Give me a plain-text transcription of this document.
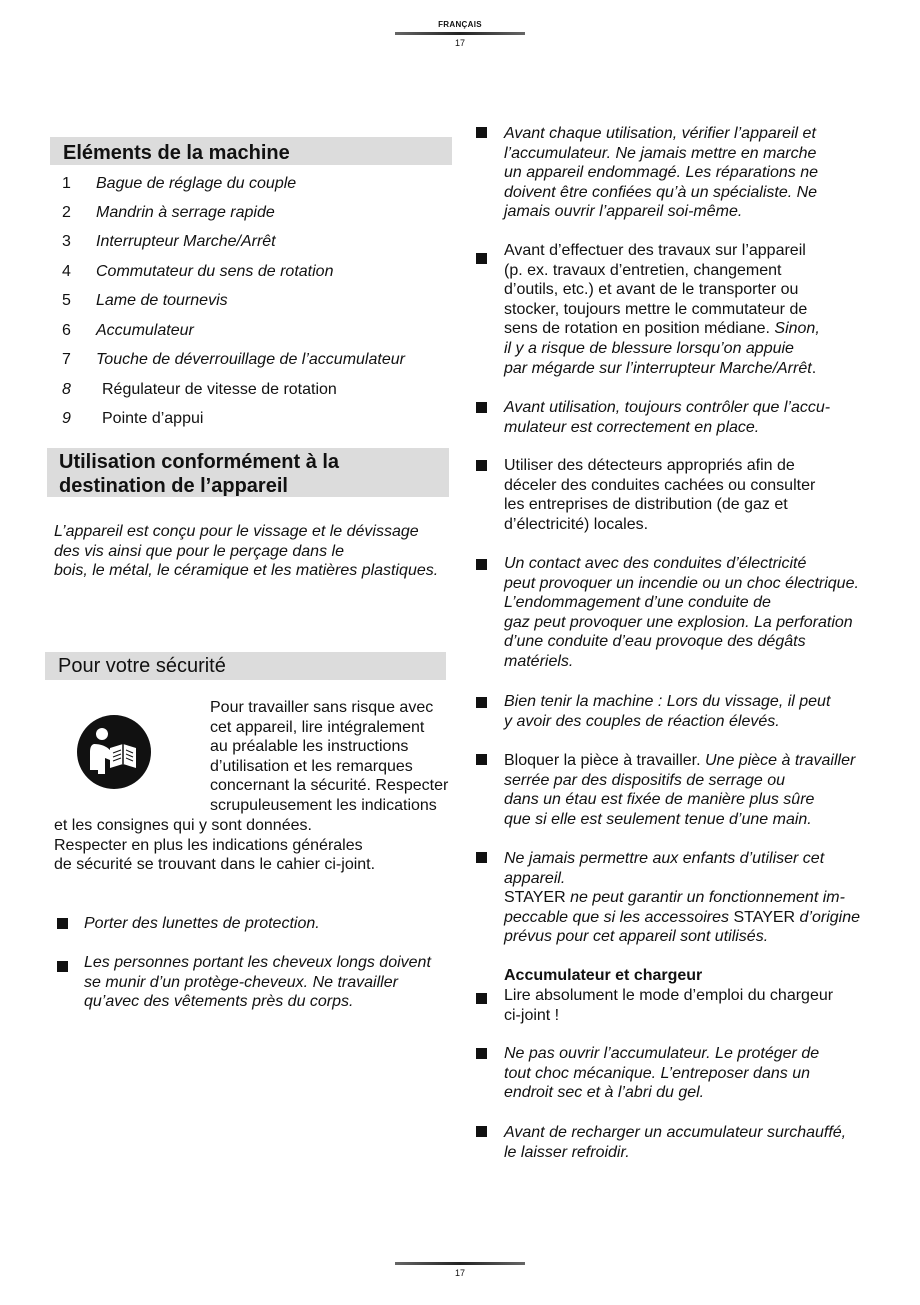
FRANÇAIS
17
Eléments de la machine
1 Bague de réglage du couple
2 Mandrin à serrage rapide
3 Interrupteur Marche/Arrêt
4 Commutateur du sens de rotation
5 Lame de tournevis
6 Accumulateur
7 Touche de déverrouillage de l’accumulateur
8 Régulateur de vitesse de rotation
9 Pointe d’appui
Utilisation conformément à la
destination de l’appareil
L’appareil est conçu pour le vissage et le dévissage
des vis ainsi que pour le perçage dans le
bois, le métal, le céramique et les matières plastiques.
Pour votre sécurité
Pour travailler sans risque avec
cet appareil, lire intégralement
au préalable les instructions
d’utilisation et les remarques
concernant la sécurité. Respecter
scrupuleusement les indications
et les consignes qui y sont données.
Respecter en plus les indications générales
de sécurité se trouvant dans le cahier ci-joint.
Porter des lunettes de protection.
Les personnes portant les cheveux longs doivent
se munir d’un protège-cheveux. Ne travailler
qu’avec des vêtements près du corps.
Avant chaque utilisation, vérifier l’appareil et
l’accumulateur. Ne jamais mettre en marche
un appareil endommagé. Les réparations ne
doivent être confiées qu’à un spécialiste. Ne
jamais ouvrir l’appareil soi-même.
Avant d’effectuer des travaux sur l’appareil
(p. ex. travaux d’entretien, changement
d’outils, etc.) et avant de le transporter ou
stocker, toujours mettre le commutateur de
sens de rotation en position médiane. Sinon,
il y a risque de blessure lorsqu’on appuie
par mégarde sur l’interrupteur Marche/Arrêt.
Avant utilisation, toujours contrôler que l’accu-
mulateur est correctement en place.
Utiliser des détecteurs appropriés afin de
déceler des conduites cachées ou consulter
les entreprises de distribution (de gaz et
d’électricité) locales.
Un contact avec des conduites d’électricité
peut provoquer un incendie ou un choc électrique.
L’endommagement d’une conduite de
gaz peut provoquer une explosion. La perforation
d’une conduite d’eau provoque des dégâts
matériels.
Bien tenir la machine : Lors du vissage, il peut
y avoir des couples de réaction élevés.
Bloquer la pièce à travailler. Une pièce à travailler
serrée par des dispositifs de serrage ou
dans un étau est fixée de manière plus sûre
que si elle est seulement tenue d’une main.
Ne jamais permettre aux enfants d’utiliser cet
appareil.
STAYER ne peut garantir un fonctionnement im-
peccable que si les accessoires STAYER d’origine
prévus pour cet appareil sont utilisés.
Accumulateur et chargeur
Lire absolument le mode d’emploi du chargeur
ci-joint !
Ne pas ouvrir l’accumulateur. Le protéger de
tout choc mécanique. L’entreposer dans un
endroit sec et à l’abri du gel.
Avant de recharger un accumulateur surchauffé,
le laisser refroidir.
17
